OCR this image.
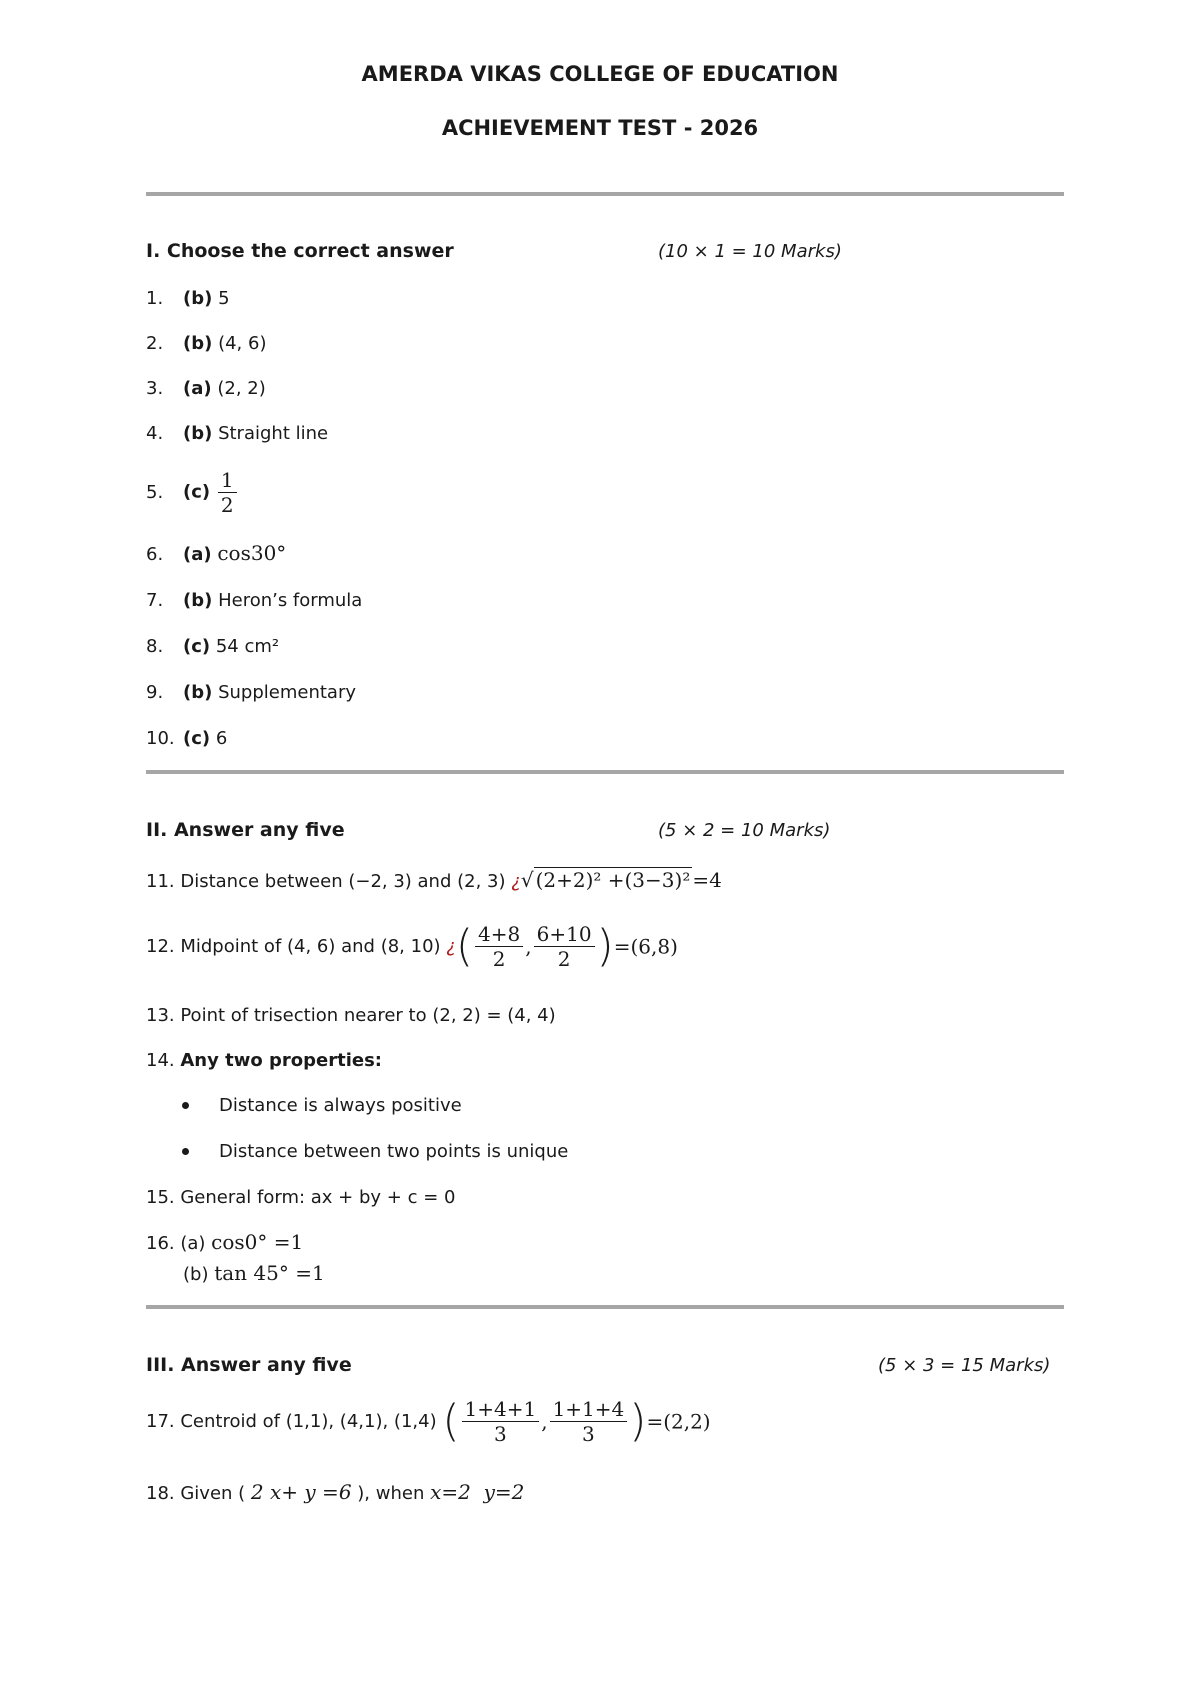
AMERDA VIKAS COLLEGE OF EDUCATION
ACHIEVEMENT TEST - 2026
I. Choose the correct answer	(10 × 1 = 10 Marks)
1. (b) 5
2. (b) (4, 6)
3. (a) (2, 2)
4. (b) Straight line
5. $(c) \frac{1}{2}$
6. (a) cos30°
7. (b) Heron’s formula
8. (c) 54 cm²
9. (b) Supplementary
10. (c) 6
II. Answer any five	(5 × 2 = 10 Marks)
11. Distance between (−2, 3) and (2, 3) ¿√ (2+2)² +(3−3)² =4
12. Midpoint of (4, 6) and (8, 10) ¿( $\frac{4+8}{2}$ , $\frac{6+10}{2} )=(6,8)$
13. Point of trisection nearer to (2, 2) = (4, 4)
14. Any two properties:
Distance is always positive
Distance between two points is unique
15. General form: ax + by + c = 0
16. (a) cos0° =1
(b) tan 45° =1
III. Answer any five	(5 × 3 = 15 Marks)
17. Centroid of (1,1), (4,1), (1,4) ( $\frac{1+4+1}{3}$ , $\frac{1+1+4}{3} )=(2,2)$
18. Given ( 2 x+ y =6 ), when x=2  y=2
